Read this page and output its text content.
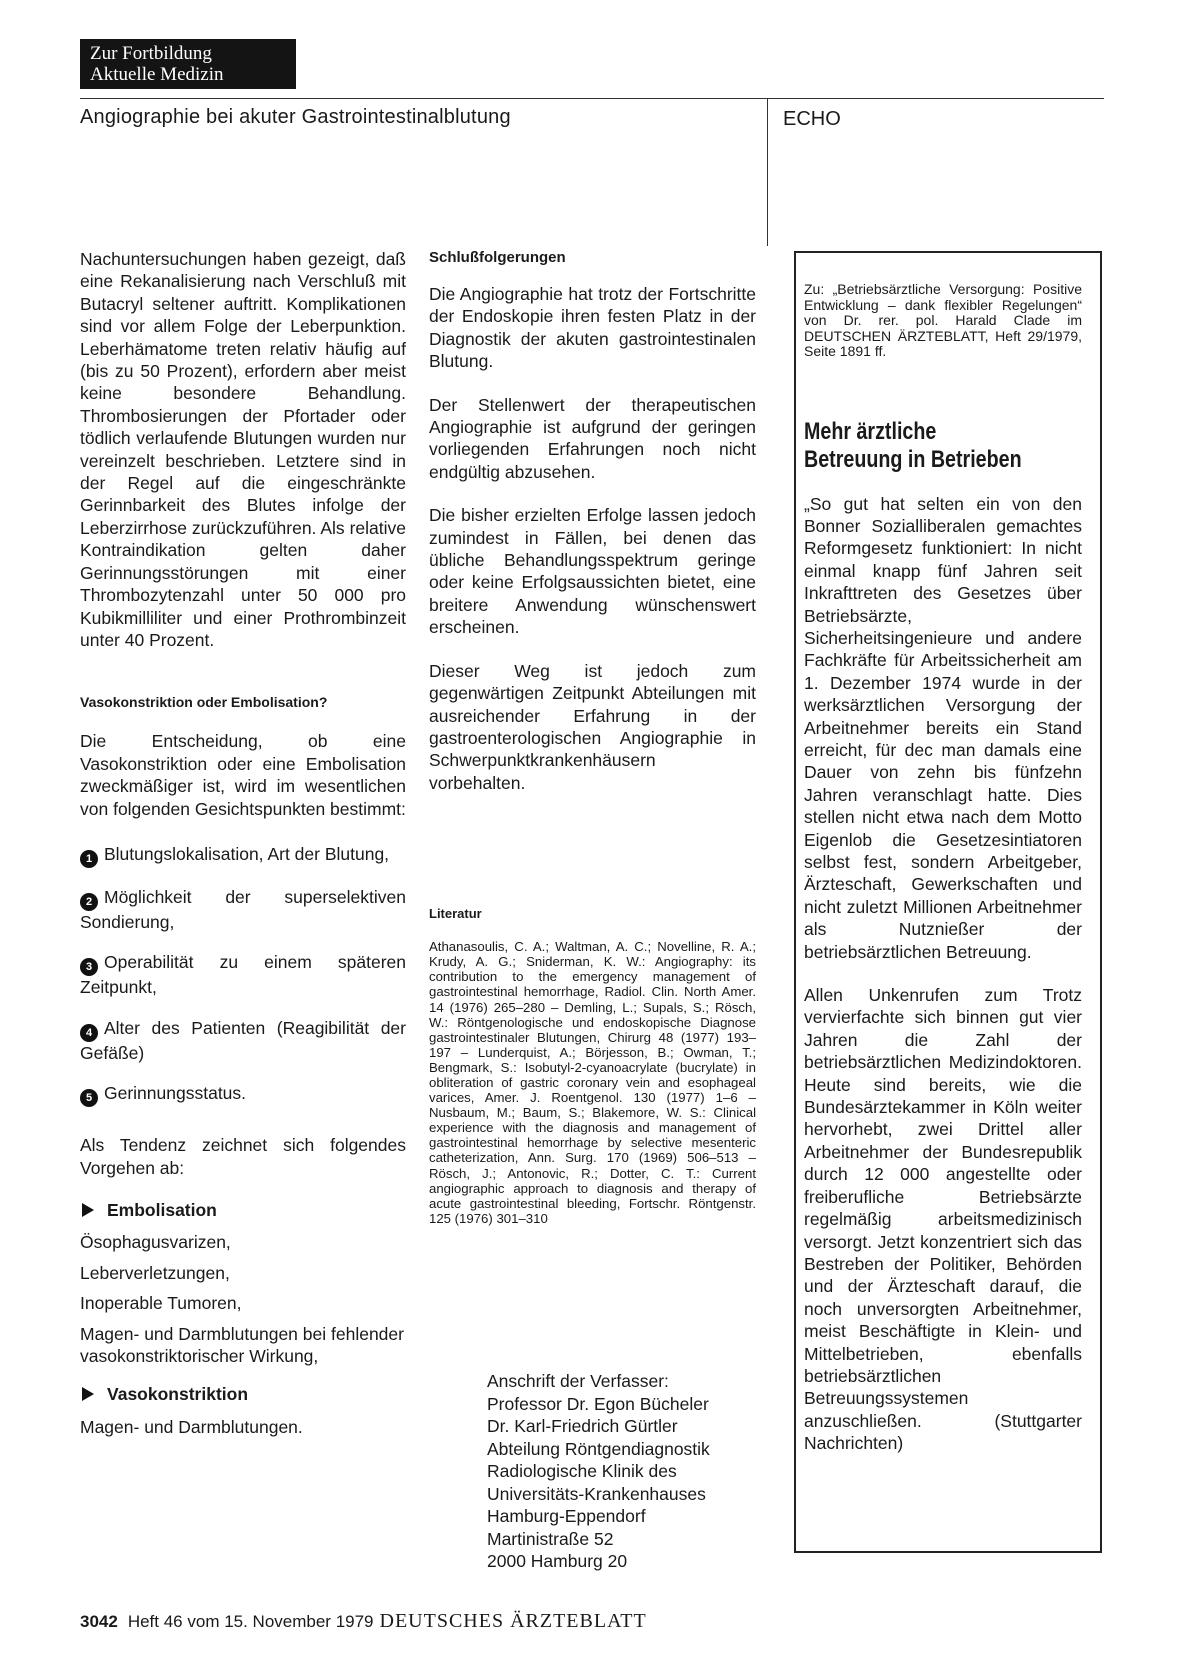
Zur Fortbildung
Aktuelle Medizin
Angiographie bei akuter Gastrointestinalblutung	ECHO

Nachuntersuchungen haben gezeigt, daß eine Rekanalisierung nach Verschluß mit Butacryl seltener auftritt. Komplikationen sind vor allem Folge der Leberpunktion. Leberhämatome treten relativ häufig auf (bis zu 50 Prozent), erfordern aber meist keine besondere Behandlung. Thrombosierungen der Pfortader oder tödlich verlaufende Blutungen wurden nur vereinzelt beschrieben. Letztere sind in der Regel auf die eingeschränkte Gerinnbarkeit des Blutes infolge der Leberzirrhose zurückzuführen. Als relative Kontraindikation gelten daher Gerinnungsstörungen mit einer Thrombozytenzahl unter 50 000 pro Kubikmilliliter und einer Prothrombinzeit unter 40 Prozent.

Vasokonstriktion oder Embolisation?

Die Entscheidung, ob eine Vasokonstriktion oder eine Embolisation zweckmäßiger ist, wird im wesentlichen von folgenden Gesichtspunkten bestimmt:

1 Blutungslokalisation, Art der Blutung,

2 Möglichkeit der superselektiven Sondierung,

3 Operabilität zu einem späteren Zeitpunkt,

4 Alter des Patienten (Reagibilität der Gefäße)

5 Gerinnungsstatus.

Als Tendenz zeichnet sich folgendes Vorgehen ab:

Embolisation

Ösophagusvarizen,

Leberverletzungen,

Inoperable Tumoren,

Magen- und Darmblutungen bei fehlender vasokonstriktorischer Wirkung,

Vasokonstriktion

Magen- und Darmblutungen.

Schlußfolgerungen

Die Angiographie hat trotz der Fortschritte der Endoskopie ihren festen Platz in der Diagnostik der akuten gastrointestinalen Blutung.

Der Stellenwert der therapeutischen Angiographie ist aufgrund der geringen vorliegenden Erfahrungen noch nicht endgültig abzusehen.

Die bisher erzielten Erfolge lassen jedoch zumindest in Fällen, bei denen das übliche Behandlungsspektrum geringe oder keine Erfolgsaussichten bietet, eine breitere Anwendung wünschenswert erscheinen.

Dieser Weg ist jedoch zum gegenwärtigen Zeitpunkt Abteilungen mit ausreichender Erfahrung in der gastroenterologischen Angiographie in Schwerpunktkrankenhäusern vorbehalten.

Literatur

Athanasoulis, C. A.; Waltman, A. C.; Novelline, R. A.; Krudy, A. G.; Sniderman, K. W.: Angiography: its contribution to the emergency management of gastrointestinal hemorrhage, Radiol. Clin. North Amer. 14 (1976) 265–280 – Demling, L.; Supals, S.; Rösch, W.: Röntgenologische und endoskopische Diagnose gastrointestinaler Blutungen, Chirurg 48 (1977) 193–197 – Lunderquist, A.; Börjesson, B.; Owman, T.; Bengmark, S.: Isobutyl-2-cyanoacrylate (bucrylate) in obliteration of gastric coronary vein and esophageal varices, Amer. J. Roentgenol. 130 (1977) 1–6 – Nusbaum, M.; Baum, S.; Blakemore, W. S.: Clinical experience with the diagnosis and management of gastrointestinal hemorrhage by selective mesenteric catheterization, Ann. Surg. 170 (1969) 506–513 – Rösch, J.; Antonovic, R.; Dotter, C. T.: Current angiographic approach to diagnosis and therapy of acute gastrointestinal bleeding, Fortschr. Röntgenstr. 125 (1976) 301–310

Anschrift der Verfasser:

Professor Dr. Egon Bücheler

Dr. Karl-Friedrich Gürtler

Abteilung Röntgendiagnostik

Radiologische Klinik des

Universitäts-Krankenhauses

Hamburg-Eppendorf

Martinistraße 52

2000 Hamburg 20

Zu: „Betriebsärztliche Versorgung: Positive Entwicklung – dank flexibler Regelungen“ von Dr. rer. pol. Harald Clade im DEUTSCHEN ÄRZTEBLATT, Heft 29/1979, Seite 1891 ff.

Mehr ärztliche

Betreuung in Betrieben

„So gut hat selten ein von den Bonner Sozialliberalen gemachtes Reformgesetz funktioniert: In nicht einmal knapp fünf Jahren seit Inkrafttreten des Gesetzes über Betriebsärzte, Sicherheitsingenieure und andere Fachkräfte für Arbeitssicherheit am 1. Dezember 1974 wurde in der werksärztlichen Versorgung der Arbeitnehmer bereits ein Stand erreicht, für dec man damals eine Dauer von zehn bis fünfzehn Jahren veranschlagt hatte. Dies stellen nicht etwa nach dem Motto Eigenlob die Gesetzesintiatoren selbst fest, sondern Arbeitgeber, Ärzteschaft, Gewerkschaften und nicht zuletzt Millionen Arbeitnehmer als Nutznießer der betriebsärztlichen Betreuung.

Allen Unkenrufen zum Trotz vervierfachte sich binnen gut vier Jahren die Zahl der betriebsärztlichen Medizindoktoren. Heute sind bereits, wie die Bundesärztekammer in Köln weiter hervorhebt, zwei Drittel aller Arbeitnehmer der Bundesrepublik durch 12 000 angestellte oder freiberufliche Betriebsärzte regelmäßig arbeitsmedizinisch versorgt. Jetzt konzentriert sich das Bestreben der Politiker, Behörden und der Ärzteschaft darauf, die noch unversorgten Arbeitnehmer, meist Beschäftigte in Klein- und Mittelbetrieben, ebenfalls betriebsärztlichen Betreuungssystemen anzuschließen. (Stuttgarter Nachrichten)

3042 Heft 46 vom 15. November 1979 DEUTSCHES ÄRZTEBLATT
